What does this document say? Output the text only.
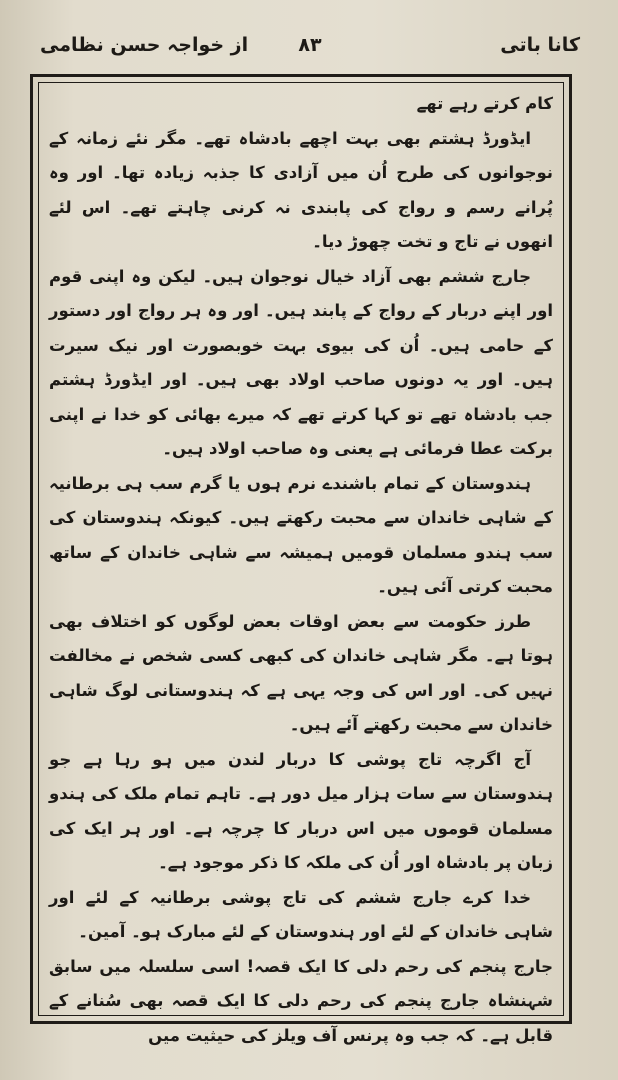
کانا باتی
۸۳
از خواجہ حسن نظامی

کام کرتے رہے تھے

ایڈورڈ ہشتم بھی بہت اچھے بادشاہ تھے۔ مگر نئے زمانہ کے نوجوانوں کی طرح اُن میں آزادی کا جذبہ زیادہ تھا۔ اور وہ پُرانے رسم و رواج کی پابندی نہ کرنی چاہتے تھے۔ اس لئے انھوں نے تاج و تخت چھوڑ دیا۔

جارج ششم بھی آزاد خیال نوجوان ہیں۔ لیکن وہ اپنی قوم اور اپنے دربار کے رواج کے پابند ہیں۔ اور وہ ہر رواج اور دستور کے حامی ہیں۔ اُن کی بیوی بہت خوبصورت اور نیک سیرت ہیں۔ اور یہ دونوں صاحب اولاد بھی ہیں۔ اور ایڈورڈ ہشتم جب بادشاہ تھے تو کہا کرتے تھے کہ میرے بھائی کو خدا نے اپنی برکت عطا فرمائی ہے یعنی وہ صاحب اولاد ہیں۔

ہندوستان کے تمام باشندے نرم ہوں یا گرم سب ہی برطانیہ کے شاہی خاندان سے محبت رکھتے ہیں۔ کیونکہ ہندوستان کی سب ہندو مسلمان قومیں ہمیشہ سے شاہی خاندان کے ساتھ محبت کرتی آئی ہیں۔

طرز حکومت سے بعض اوقات بعض لوگوں کو اختلاف بھی ہوتا ہے۔ مگر شاہی خاندان کی کبھی کسی شخص نے مخالفت نہیں کی۔ اور اس کی وجہ یہی ہے کہ ہندوستانی لوگ شاہی خاندان سے محبت رکھتے آئے ہیں۔

آج اگرچہ تاج پوشی کا دربار لندن میں ہو رہا ہے جو ہندوستان سے سات ہزار میل دور ہے۔ تاہم تمام ملک کی ہندو مسلمان قوموں میں اس دربار کا چرچہ ہے۔ اور ہر ایک کی زبان پر بادشاہ اور اُن کی ملکہ کا ذکر موجود ہے۔

خدا کرے جارج ششم کی تاج پوشی برطانیہ کے لئے اور شاہی خاندان کے لئے اور ہندوستان کے لئے مبارک ہو۔ آمین۔

جارج پنجم کی رحم دلی کا ایک قصہ! اسی سلسلہ میں سابق شہنشاہ جارج پنجم کی رحم دلی کا ایک قصہ بھی سُنانے کے قابل ہے۔ کہ جب وہ پرنس آف ویلز کی حیثیت میں
